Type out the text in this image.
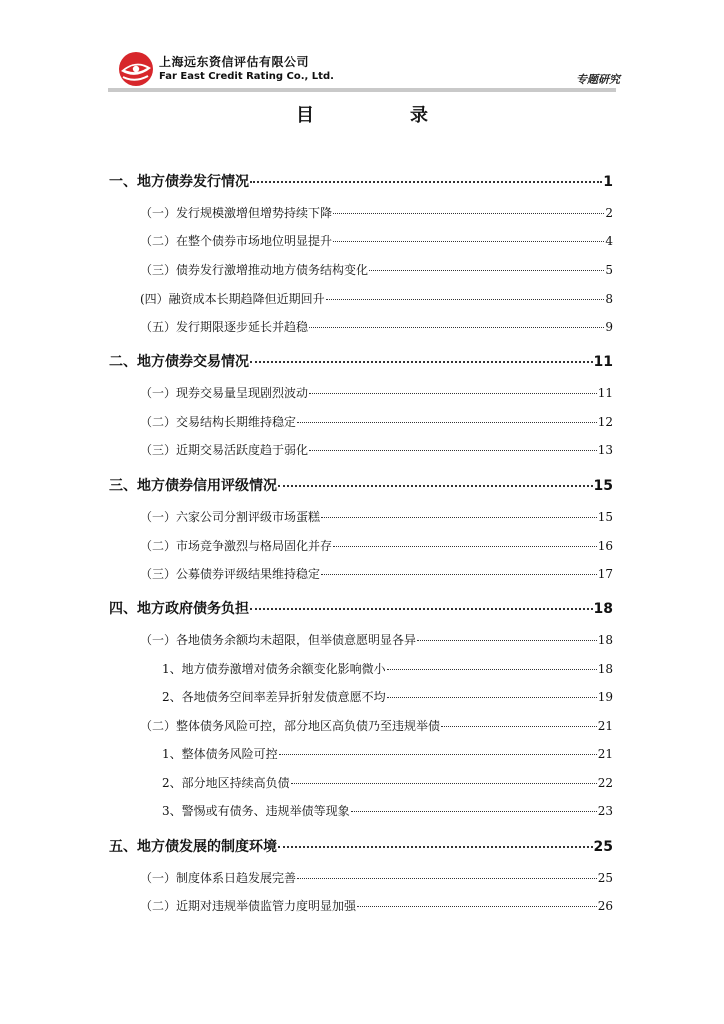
上海远东资信评估有限公司
Far East Credit Rating Co., Ltd.	专题研究
目	录
一、地方债券发行情况	1
（一）发行规模激增但增势持续下降	2
（二）在整个债券市场地位明显提升	4
（三）债券发行激增推动地方债务结构变化	5
(四）融资成本长期趋降但近期回升	8
（五）发行期限逐步延长并趋稳	9
二、地方债券交易情况	11
（一）现券交易量呈现剧烈波动	11
（二）交易结构长期维持稳定	12
（三）近期交易活跃度趋于弱化	13
三、地方债券信用评级情况	15
（一）六家公司分割评级市场蛋糕	15
（二）市场竞争激烈与格局固化并存	16
（三）公募债券评级结果维持稳定	17
四、地方政府债务负担	18
（一）各地债务余额均未超限，但举债意愿明显各异	18
1、地方债券激增对债务余额变化影响微小	18
2、各地债务空间率差异折射发债意愿不均	19
（二）整体债务风险可控，部分地区高负债乃至违规举债	21
1、整体债务风险可控	21
2、部分地区持续高负债	22
3、警惕或有债务、违规举债等现象	23
五、地方债发展的制度环境	25
（一）制度体系日趋发展完善	25
（二）近期对违规举债监管力度明显加强	26
